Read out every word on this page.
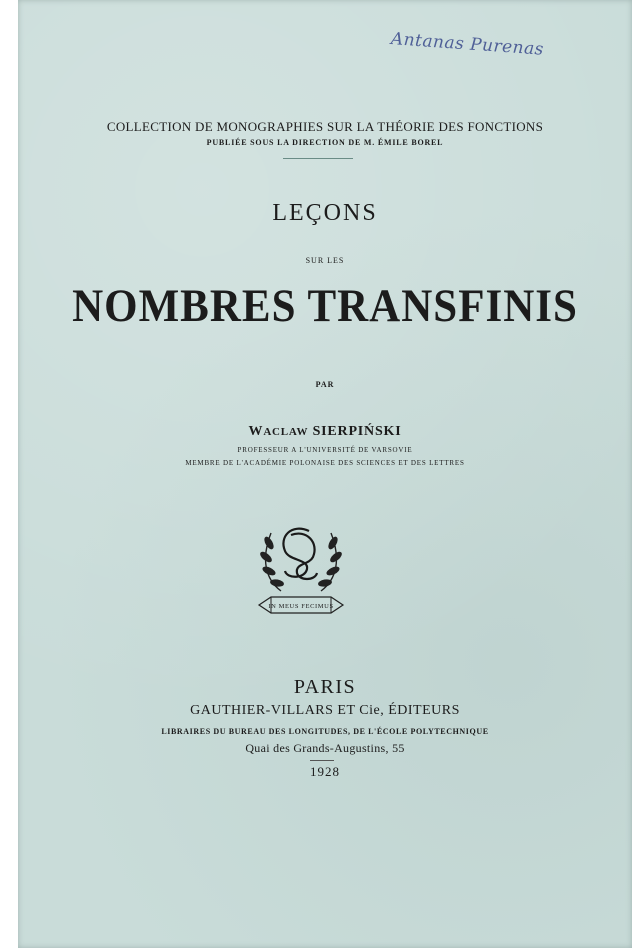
Antanas Purenas
COLLECTION DE MONOGRAPHIES SUR LA THÉORIE DES FONCTIONS
PUBLIÉE SOUS LA DIRECTION DE M. ÉMILE BOREL
LEÇONS
SUR LES
NOMBRES TRANSFINIS
PAR
WACLAW SIERPIŃSKI
PROFESSEUR A L'UNIVERSITÉ DE VARSOVIE
MEMBRE DE L'ACADÉMIE POLONAISE DES SCIENCES ET DES LETTRES
IN MEUS FECIMUS
PARIS
GAUTHIER-VILLARS ET Cie, ÉDITEURS
LIBRAIRES DU BUREAU DES LONGITUDES, DE L'ÉCOLE POLYTECHNIQUE
Quai des Grands-Augustins, 55
1928
